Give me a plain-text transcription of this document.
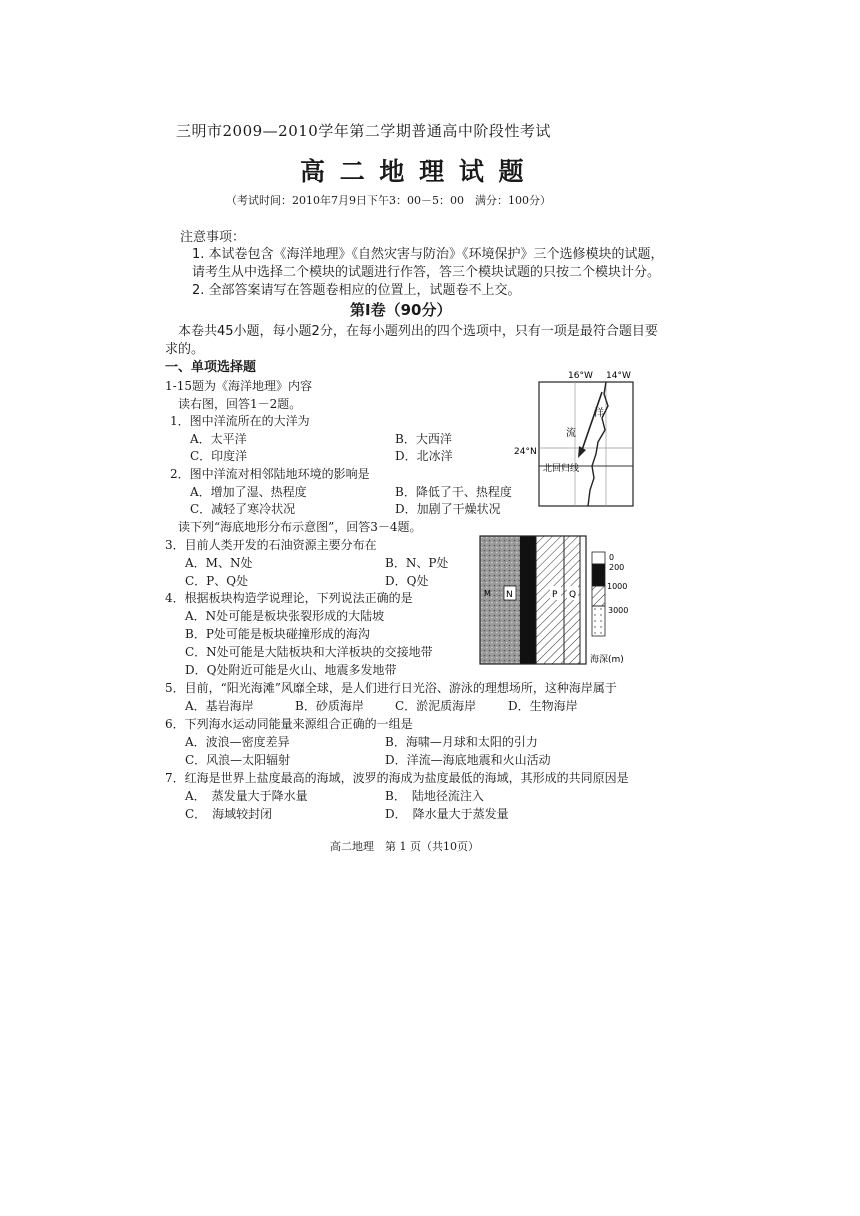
三明市2009—2010学年第二学期普通高中阶段性考试
高 二 地 理 试 题
（考试时间：2010年7月9日下午3：00－5：00　满分：100分）
注意事项：
1. 本试卷包含《海洋地理》《自然灾害与防治》《环境保护》三个选修模块的试题，
请考生从中选择二个模块的试题进行作答，答三个模块试题的只按二个模块计分。
2. 全部答案请写在答题卷相应的位置上，试题卷不上交。
第Ⅰ卷（90分）
本卷共45小题，每小题2分，在每小题列出的四个选项中，只有一项是最符合题目要
求的。
一、单项选择题
1-15题为《海洋地理》内容
读右图，回答1－2题。
1．图中洋流所在的大洋为
A．太平洋	B．大西洋
C．印度洋	D．北冰洋
2．图中洋流对相邻陆地环境的影响是
A．增加了湿、热程度	B．降低了干、热程度
C．减轻了寒冷状况	D．加剧了干燥状况
读下列“海底地形分布示意图”，回答3－4题。
3．目前人类开发的石油资源主要分布在
A．M、N处	B．N、P处
C．P、Q处	D．Q处
4．根据板块构造学说理论，下列说法正确的是
A．N处可能是板块张裂形成的大陆坡
B．P处可能是板块碰撞形成的海沟
C．N处可能是大陆板块和大洋板块的交接地带
D．Q处附近可能是火山、地震多发地带
5．目前，“阳光海滩”风靡全球，是人们进行日光浴、游泳的理想场所，这种海岸属于
A．基岩海岸	B．砂质海岸	C．淤泥质海岸	D．生物海岸
6．下列海水运动同能量来源组合正确的一组是
A．波浪—密度差异	B．海啸—月球和太阳的引力
C．风浪—太阳辐射	D．洋流—海底地震和火山活动
7．红海是世界上盐度最高的海域，波罗的海成为盐度最低的海域，其形成的共同原因是
A．　蒸发量大于降水量	B．　陆地径流注入
C．　海域较封闭	D．　降水量大于蒸发量
高二地理　第 1 页（共10页）
16°W 14°W
24°N
洋
流
北回归线
M N	P Q
0
200
1000
3000
海深(m)
